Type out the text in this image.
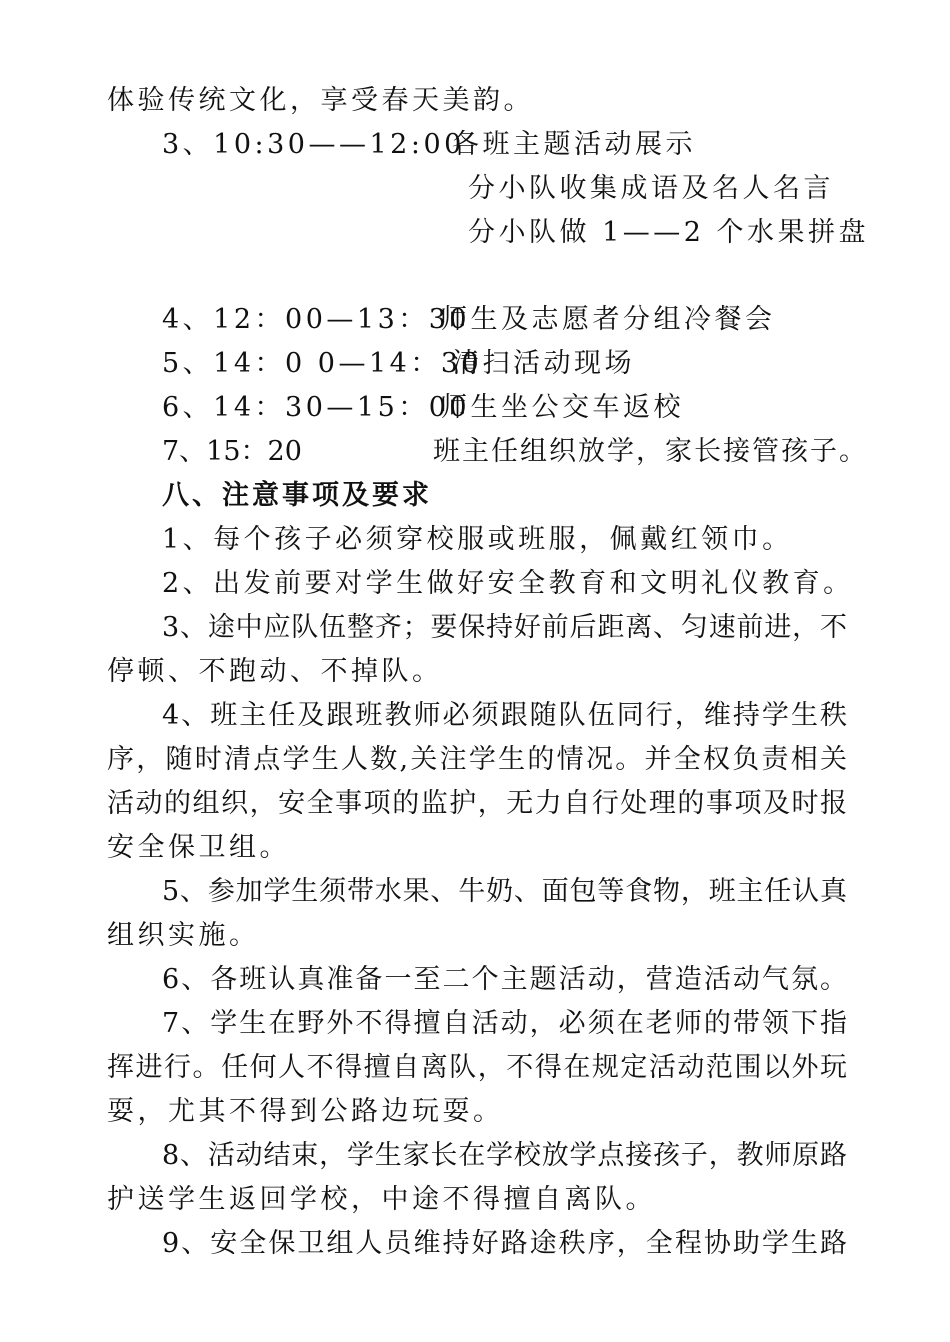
体验传统文化，享受春天美韵。
3、10:30——12:00
各班主题活动展示
分小队收集成语及名人名言
分小队做 1——2 个水果拼盘
4、12：00—13：30
师生及志愿者分组冷餐会
5、14：0 0—14：30
清扫活动现场
6、14：30—15：00
师生坐公交车返校
7、15：20	班主任组织放学，家长接管孩子。
八、注意事项及要求
1、每个孩子必须穿校服或班服，佩戴红领巾。
2、出发前要对学生做好安全教育和文明礼仪教育。
3、途中应队伍整齐；要保持好前后距离、匀速前进，不
停顿、不跑动、不掉队。
4、班主任及跟班教师必须跟随队伍同行，维持学生秩
序，随时清点学生人数,关注学生的情况。并全权负责相关
活动的组织，安全事项的监护，无力自行处理的事项及时报
安全保卫组。
5、参加学生须带水果、牛奶、面包等食物，班主任认真
组织实施。
6、各班认真准备一至二个主题活动，营造活动气氛。
7、学生在野外不得擅自活动，必须在老师的带领下指
挥进行。任何人不得擅自离队，不得在规定活动范围以外玩
耍，尤其不得到公路边玩耍。
8、活动结束，学生家长在学校放学点接孩子，教师原路
护送学生返回学校，中途不得擅自离队。
9、安全保卫组人员维持好路途秩序，全程协助学生路
